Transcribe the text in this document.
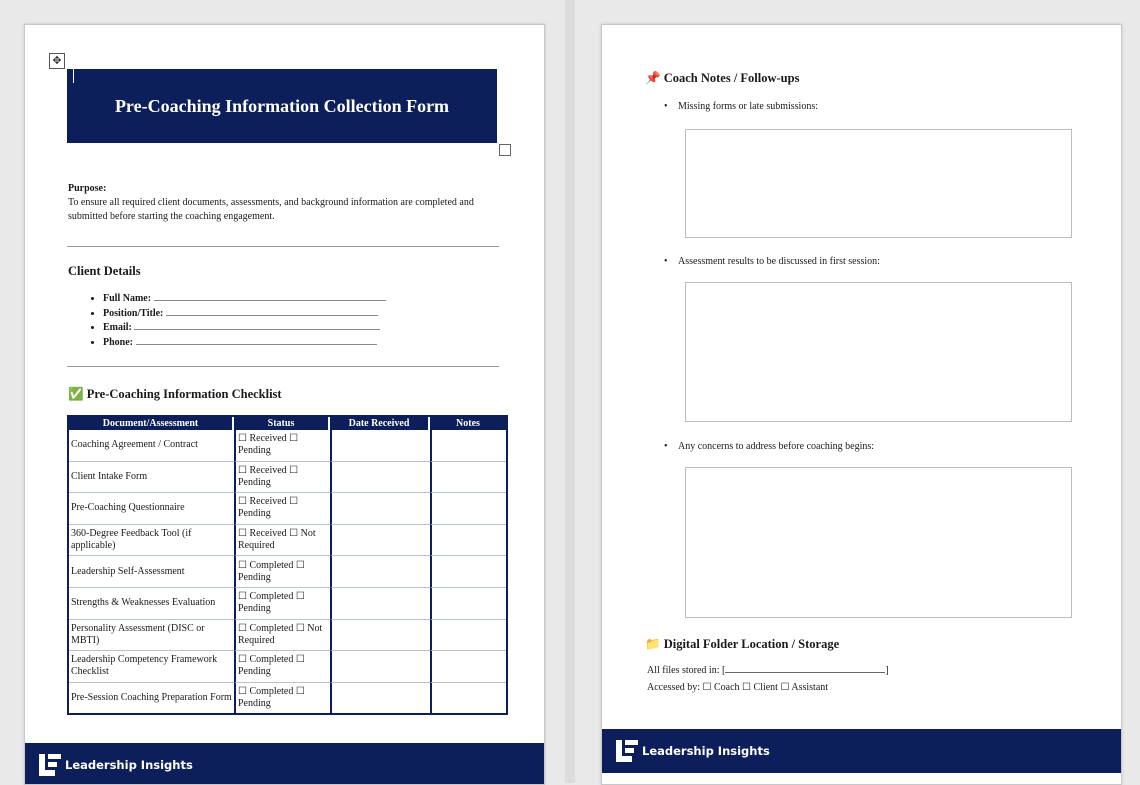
✥
Pre-Coaching Information Collection Form
Purpose:
To ensure all required client documents, assessments, and background information are completed and submitted before starting the coaching engagement.
Client Details
• Full Name:
• Position/Title:
• Email:
• Phone:
✅ Pre-Coaching Information Checklist
Document/Assessment	Status	Date Received	Notes
Coaching Agreement / Contract	☐ Received ☐ Pending		
Client Intake Form	☐ Received ☐ Pending		
Pre-Coaching Questionnaire	☐ Received ☐ Pending		
360-Degree Feedback Tool (if applicable)	☐ Received ☐ Not Required		
Leadership Self-Assessment	☐ Completed ☐ Pending		
Strengths & Weaknesses Evaluation	☐ Completed ☐ Pending		
Personality Assessment (DISC or MBTI)	☐ Completed ☐ Not Required		
Leadership Competency Framework Checklist	☐ Completed ☐ Pending		
Pre-Session Coaching Preparation Form	☐ Completed ☐ Pending		
Leadership Insights
📌 Coach Notes / Follow-ups
• Missing forms or late submissions:
• Assessment results to be discussed in first session:
• Any concerns to address before coaching begins:
📁 Digital Folder Location / Storage
All files stored in: [	]
Accessed by: ☐ Coach ☐ Client ☐ Assistant
Leadership Insights
